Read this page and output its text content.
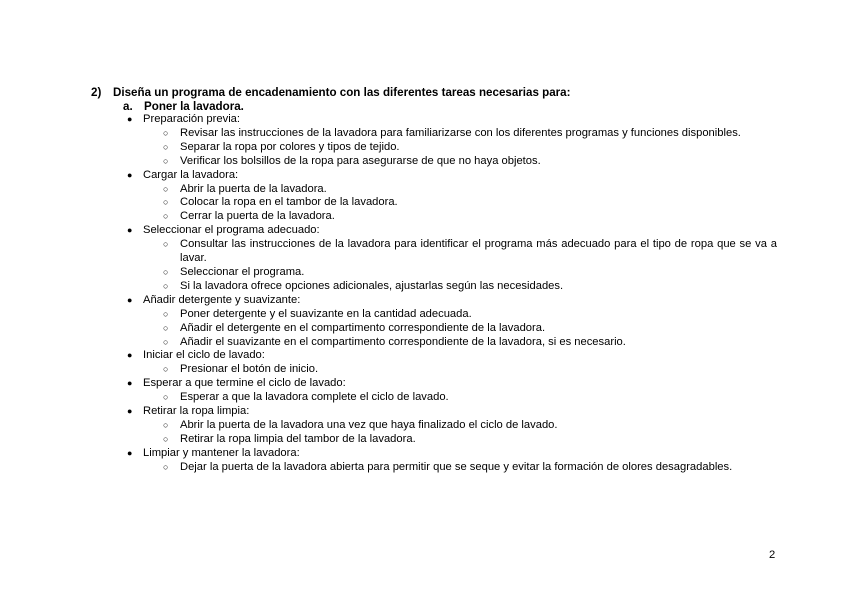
2) Diseña un programa de encadenamiento con las diferentes tareas necesarias para:
a. Poner la lavadora.
● Preparación previa:
○ Revisar las instrucciones de la lavadora para familiarizarse con los diferentes programas y funciones disponibles.
○ Separar la ropa por colores y tipos de tejido.
○ Verificar los bolsillos de la ropa para asegurarse de que no haya objetos.
● Cargar la lavadora:
○ Abrir la puerta de la lavadora.
○ Colocar la ropa en el tambor de la lavadora.
○ Cerrar la puerta de la lavadora.
● Seleccionar el programa adecuado:
○ Consultar las instrucciones de la lavadora para identificar el programa más adecuado para el tipo de ropa que se va a lavar.
○ Seleccionar el programa.
○ Si la lavadora ofrece opciones adicionales, ajustarlas según las necesidades.
● Añadir detergente y suavizante:
○ Poner detergente y el suavizante en la cantidad adecuada.
○ Añadir el detergente en el compartimento correspondiente de la lavadora.
○ Añadir el suavizante en el compartimento correspondiente de la lavadora, si es necesario.
● Iniciar el ciclo de lavado:
○ Presionar el botón de inicio.
● Esperar a que termine el ciclo de lavado:
○ Esperar a que la lavadora complete el ciclo de lavado.
● Retirar la ropa limpia:
○ Abrir la puerta de la lavadora una vez que haya finalizado el ciclo de lavado.
○ Retirar la ropa limpia del tambor de la lavadora.
● Limpiar y mantener la lavadora:
○ Dejar la puerta de la lavadora abierta para permitir que se seque y evitar la formación de olores desagradables.
2
